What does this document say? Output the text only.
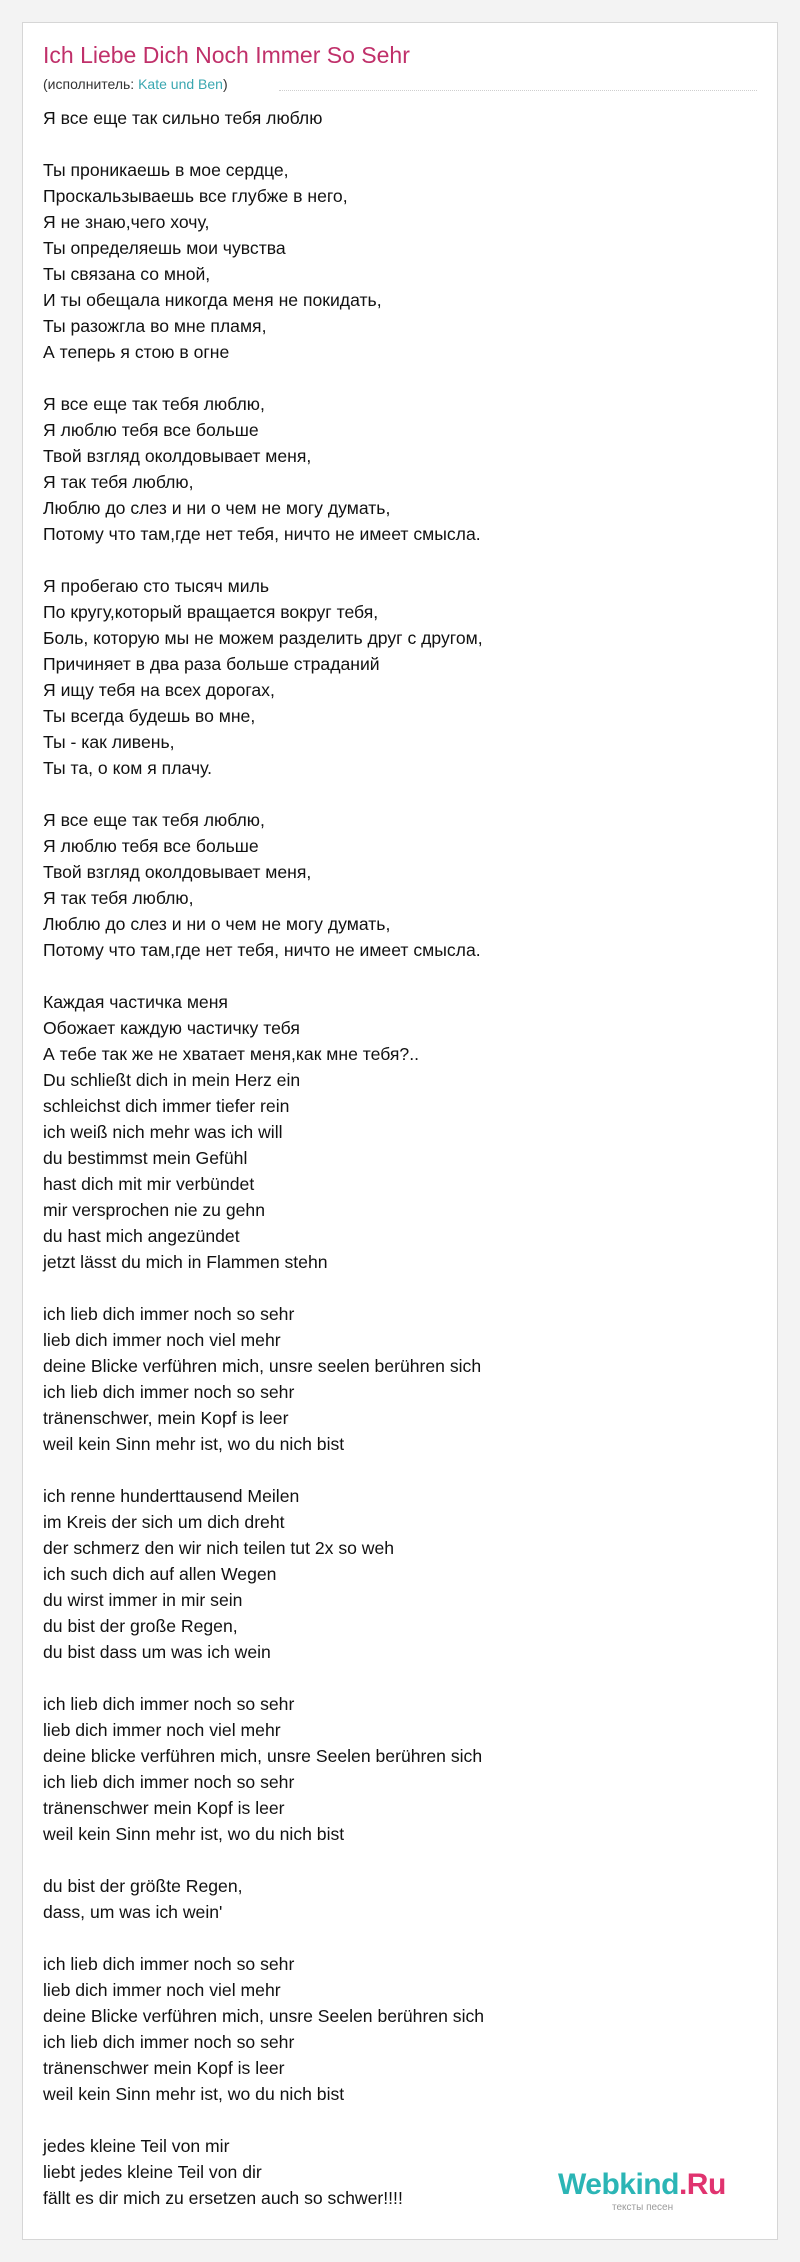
Ich Liebe Dich Noch Immer So Sehr
(исполнитель: Kate und Ben)
Я все еще так сильно тебя люблю
Ты проникаешь в мое сердце,
Проскальзываешь все глубже в него,
Я не знаю,чего хочу,
Ты определяешь мои чувства
Ты связана со мной,
И ты обещала никогда меня не покидать,
Ты разожгла во мне пламя,
А теперь я стою в огне
Я все еще так тебя люблю,
Я люблю тебя все больше
Твой взгляд околдовывает меня,
Я так тебя люблю,
Люблю до слез и ни о чем не могу думать,
Потому что там,где нет тебя, ничто не имеет смысла.
Я пробегаю сто тысяч миль
По кругу,который вращается вокруг тебя,
Боль, которую мы не можем разделить друг с другом,
Причиняет в два раза больше страданий
Я ищу тебя на всех дорогах,
Ты всегда будешь во мне,
Ты - как ливень,
Ты та, о ком я плачу.
Я все еще так тебя люблю,
Я люблю тебя все больше
Твой взгляд околдовывает меня,
Я так тебя люблю,
Люблю до слез и ни о чем не могу думать,
Потому что там,где нет тебя, ничто не имеет смысла.
Каждая частичка меня
Обожает каждую частичку тебя
А тебе так же не хватает меня,как мне тебя?..
Du schließt dich in mein Herz ein
schleichst dich immer tiefer rein
ich weiß nich mehr was ich will
du bestimmst mein Gefühl
hast dich mit mir verbündet
mir versprochen nie zu gehn
du hast mich angezündet
jetzt lässt du mich in Flammen stehn
ich lieb dich immer noch so sehr
lieb dich immer noch viel mehr
deine Blicke verführen mich, unsre seelen berühren sich
ich lieb dich immer noch so sehr
tränenschwer, mein Kopf is leer
weil kein Sinn mehr ist, wo du nich bist
ich renne hunderttausend Meilen
im Kreis der sich um dich dreht
der schmerz den wir nich teilen tut 2x so weh
ich such dich auf allen Wegen
du wirst immer in mir sein
du bist der große Regen,
du bist dass um was ich wein
ich lieb dich immer noch so sehr
lieb dich immer noch viel mehr
deine blicke verführen mich, unsre Seelen berühren sich
ich lieb dich immer noch so sehr
tränenschwer mein Kopf is leer
weil kein Sinn mehr ist, wo du nich bist
du bist der größte Regen,
dass, um was ich wein'
ich lieb dich immer noch so sehr
lieb dich immer noch viel mehr
deine Blicke verführen mich, unsre Seelen berühren sich
ich lieb dich immer noch so sehr
tränenschwer mein Kopf is leer
weil kein Sinn mehr ist, wo du nich bist
jedes kleine Teil von mir
liebt jedes kleine Teil von dir
fällt es dir mich zu ersetzen auch so schwer!!!!	Webkind.Ru
тексты песен
